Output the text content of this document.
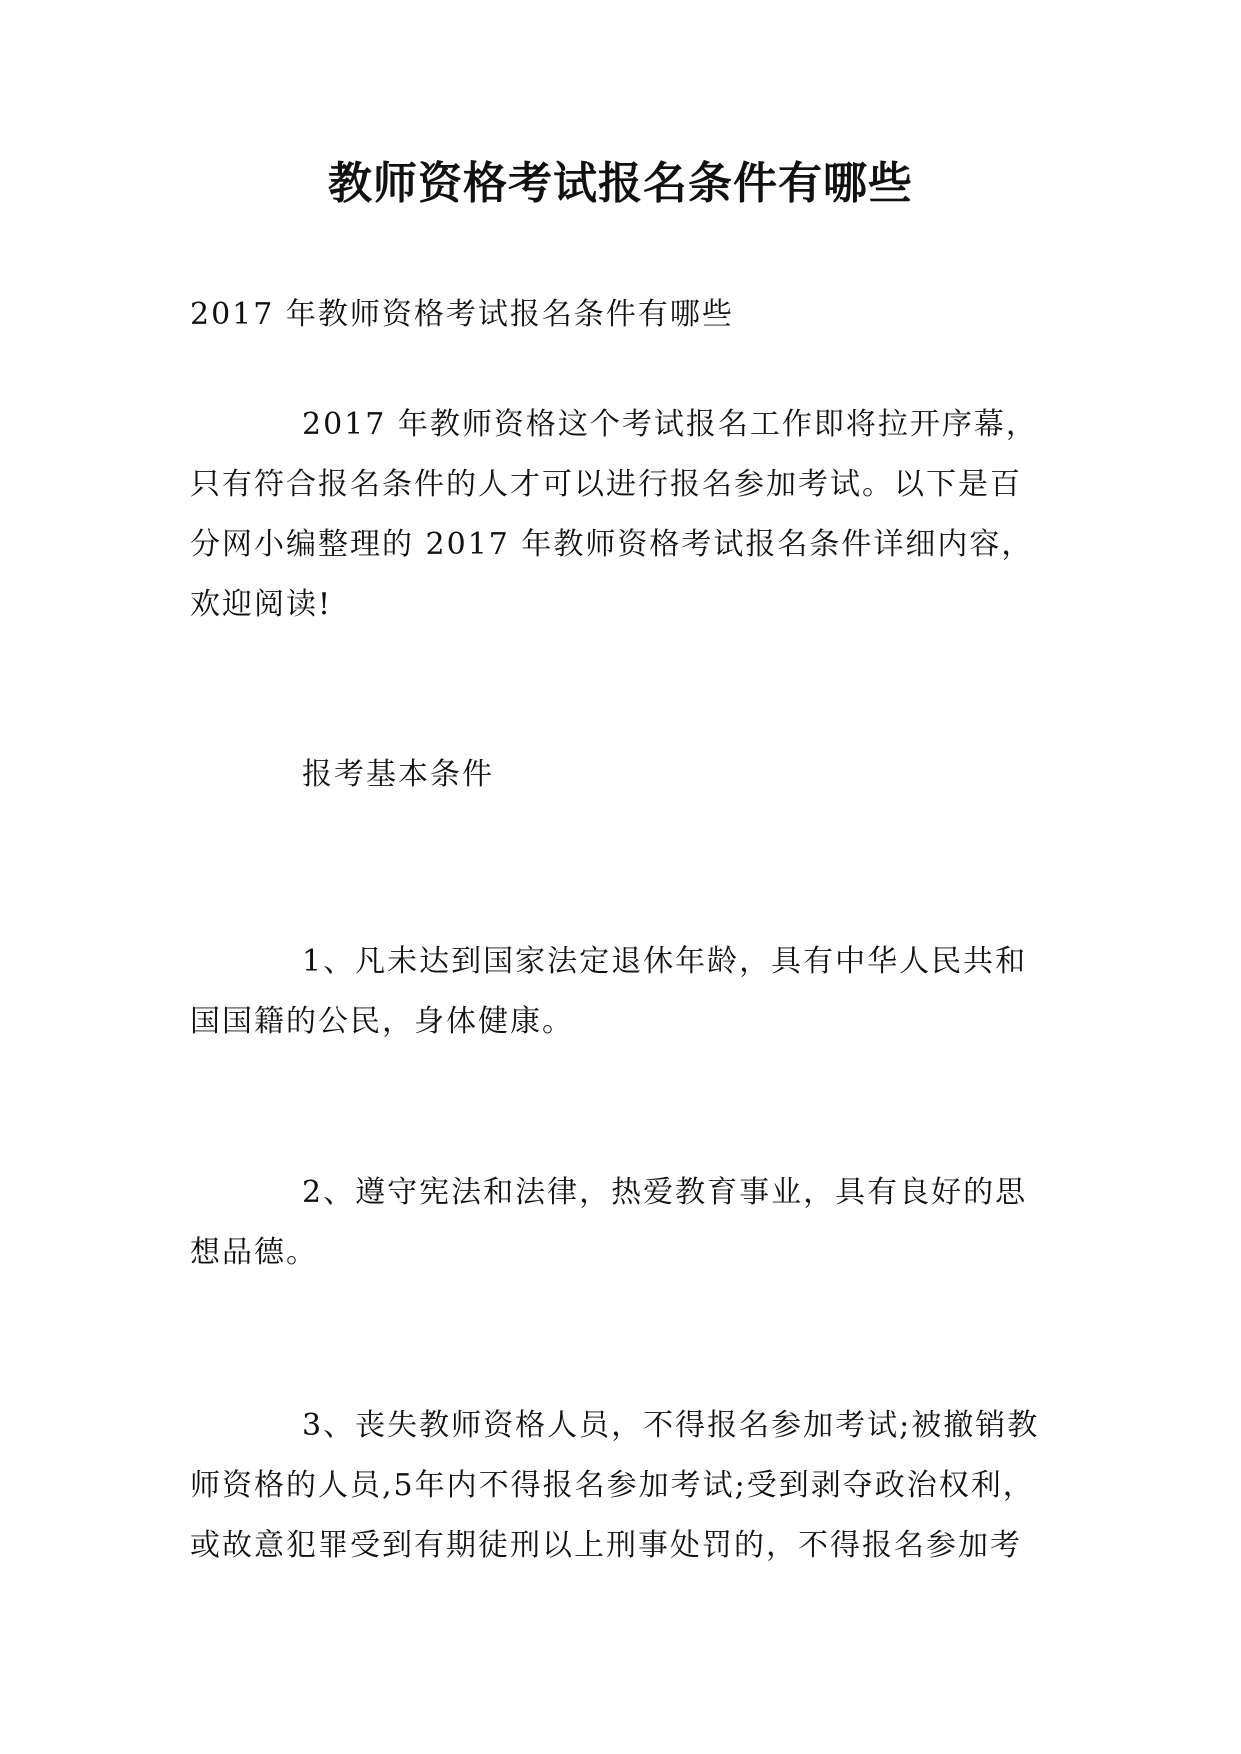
教师资格考试报名条件有哪些

2017 年教师资格考试报名条件有哪些

2017 年教师资格这个考试报名工作即将拉开序幕，只有符合报名条件的人才可以进行报名参加考试。以下是百分网小编整理的 2017 年教师资格考试报名条件详细内容，欢迎阅读!

报考基本条件

1、凡未达到国家法定退休年龄，具有中华人民共和国国籍的公民，身体健康。

2、遵守宪法和法律，热爱教育事业，具有良好的思想品德。

3、丧失教师资格人员，不得报名参加考试;被撤销教师资格的人员,5年内不得报名参加考试;受到剥夺政治权利，或故意犯罪受到有期徒刑以上刑事处罚的，不得报名参加考
